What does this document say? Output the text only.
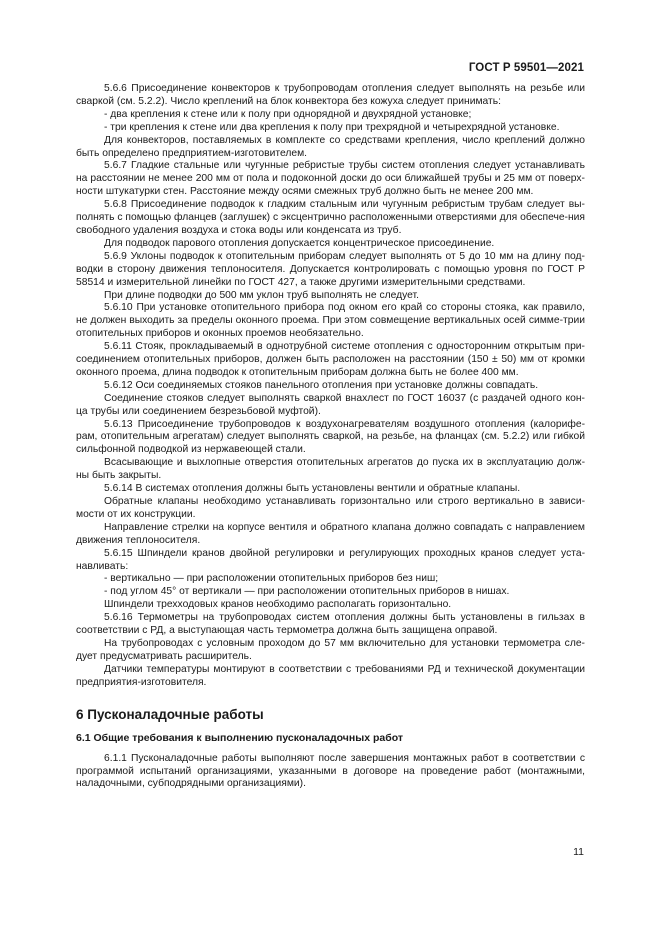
ГОСТ Р 59501—2021

5.6.6 Присоединение конвекторов к трубопроводам отопления следует выполнять на резьбе или сваркой (см. 5.2.2). Число креплений на блок конвектора без кожуха следует принимать:

- два крепления к стене или к полу при однорядной и двухрядной установке;

- три крепления к стене или два крепления к полу при трехрядной и четырехрядной установке.

Для конвекторов, поставляемых в комплекте со средствами крепления, число креплений должно быть определено предприятием-изготовителем.

5.6.7 Гладкие стальные или чугунные ребристые трубы систем отопления следует устанавливать на расстоянии не менее 200 мм от пола и подоконной доски до оси ближайшей трубы и 25 мм от поверх-ности штукатурки стен. Расстояние между осями смежных труб должно быть не менее 200 мм.

5.6.8 Присоединение подводок к гладким стальным или чугунным ребристым трубам следует вы-полнять с помощью фланцев (заглушек) с эксцентрично расположенными отверстиями для обеспече-ния свободного удаления воздуха и стока воды или конденсата из труб.

Для подводок парового отопления допускается концентрическое присоединение.

5.6.9 Уклоны подводок к отопительным приборам следует выполнять от 5 до 10 мм на длину под-водки в сторону движения теплоносителя. Допускается контролировать с помощью уровня по ГОСТ Р 58514 и измерительной линейки по ГОСТ 427, а также другими измерительными средствами.

При длине подводки до 500 мм уклон труб выполнять не следует.

5.6.10 При установке отопительного прибора под окном его край со стороны стояка, как правило, не должен выходить за пределы оконного проема. При этом совмещение вертикальных осей симме-трии отопительных приборов и оконных проемов необязательно.

5.6.11 Стояк, прокладываемый в однотрубной системе отопления с односторонним открытым при-соединением отопительных приборов, должен быть расположен на расстоянии (150 ± 50) мм от кромки оконного проема, длина подводок к отопительным приборам должна быть не более 400 мм.

5.6.12 Оси соединяемых стояков панельного отопления при установке должны совпадать.

Соединение стояков следует выполнять сваркой внахлест по ГОСТ 16037 (с раздачей одного кон-ца трубы или соединением безрезьбовой муфтой).

5.6.13 Присоединение трубопроводов к воздухонагревателям воздушного отопления (калорифе-рам, отопительным агрегатам) следует выполнять сваркой, на резьбе, на фланцах (см. 5.2.2) или гибкой сильфонной подводкой из нержавеющей стали.

Всасывающие и выхлопные отверстия отопительных агрегатов до пуска их в эксплуатацию долж-ны быть закрыты.

5.6.14 В системах отопления должны быть установлены вентили и обратные клапаны.

Обратные клапаны необходимо устанавливать горизонтально или строго вертикально в зависи-мости от их конструкции.

Направление стрелки на корпусе вентиля и обратного клапана должно совпадать с направлением движения теплоносителя.

5.6.15 Шпиндели кранов двойной регулировки и регулирующих проходных кранов следует уста-навливать:

- вертикально — при расположении отопительных приборов без ниш;

- под углом 45° от вертикали — при расположении отопительных приборов в нишах.

Шпиндели трехходовых кранов необходимо располагать горизонтально.

5.6.16 Термометры на трубопроводах систем отопления должны быть установлены в гильзах в соответствии с РД, а выступающая часть термометра должна быть защищена оправой.

На трубопроводах с условным проходом до 57 мм включительно для установки термометра сле-дует предусматривать расширитель.

Датчики температуры монтируют в соответствии с требованиями РД и технической документации предприятия-изготовителя.

6 Пусконаладочные работы
6.1 Общие требования к выполнению пусконаладочных работ

6.1.1 Пусконаладочные работы выполняют после завершения монтажных работ в соответствии с программой испытаний организациями, указанными в договоре на проведение работ (монтажными, наладочными, субподрядными организациями).

11
